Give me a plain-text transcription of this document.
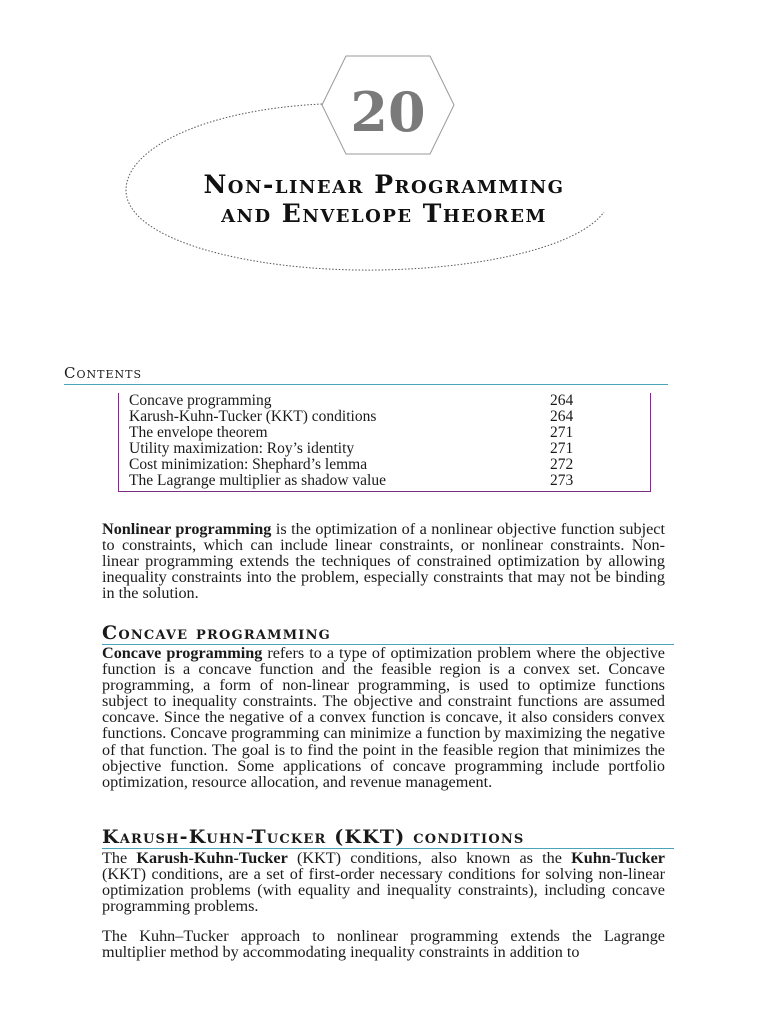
20
Non-linear Programming
and Envelope Theorem
Contents
Concave programming	264
Karush-Kuhn-Tucker (KKT) conditions	264
The envelope theorem	271
Utility maximization: Roy’s identity	271
Cost minimization: Shephard’s lemma	272
The Lagrange multiplier as shadow value	273

Nonlinear programming is the optimization of a nonlinear objective function subject to constraints, which can include linear constraints, or nonlinear constraints. Non-linear programming extends the techniques of constrained optimization by allowing inequality constraints into the problem, especially constraints that may not be binding in the solution.

Concave programming

Concave programming refers to a type of optimization problem where the objective function is a concave function and the feasible region is a convex set. Concave programming, a form of non-linear programming, is used to optimize functions subject to inequality constraints. The objective and constraint functions are assumed concave. Since the negative of a convex function is concave, it also considers convex functions. Concave programming can minimize a function by maximizing the negative of that function. The goal is to find the point in the feasible region that minimizes the objective function. Some applications of concave programming include portfolio optimization, resource allocation, and revenue management.

Karush-Kuhn-Tucker (KKT) conditions

The Karush-Kuhn-Tucker (KKT) conditions, also known as the Kuhn-Tucker (KKT) conditions, are a set of first-order necessary conditions for solving non-linear optimization problems (with equality and inequality constraints), including concave programming problems.

The Kuhn–Tucker approach to nonlinear programming extends the Lagrange multiplier method by accommodating inequality constraints in addition to
